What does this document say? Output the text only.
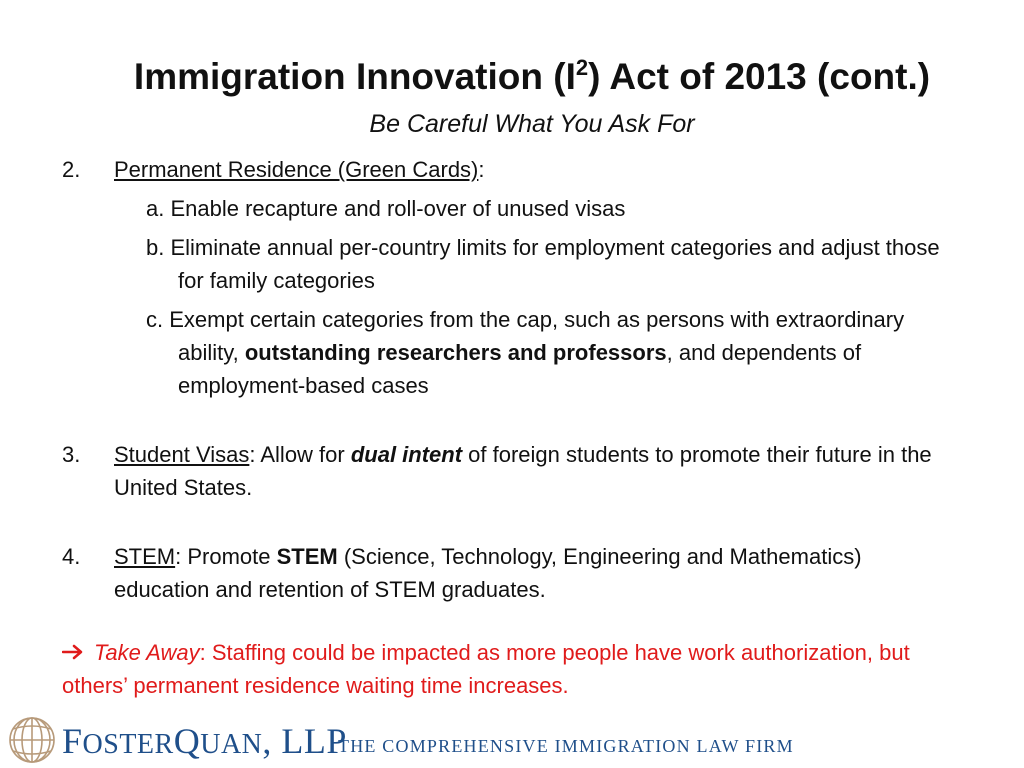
Immigration Innovation $(I^2)$ Act of 2013 (cont.)
Be Careful What You Ask For
2. Permanent Residence (Green Cards):
a. Enable recapture and roll-over of unused visas
b. Eliminate annual per-country limits for employment categories and adjust those for family categories
c. Exempt certain categories from the cap, such as persons with extraordinary ability, outstanding researchers and professors, and dependents of employment-based cases
3. Student Visas: Allow for dual intent of foreign students to promote their future in the United States.
4. STEM: Promote STEM (Science, Technology, Engineering and Mathematics) education and retention of STEM graduates.
Take Away: Staffing could be impacted as more people have work authorization, but others’ permanent residence waiting time increases.
FOSTERQUAN, LLP
THE COMPREHENSIVE IMMIGRATION LAW FIRM
